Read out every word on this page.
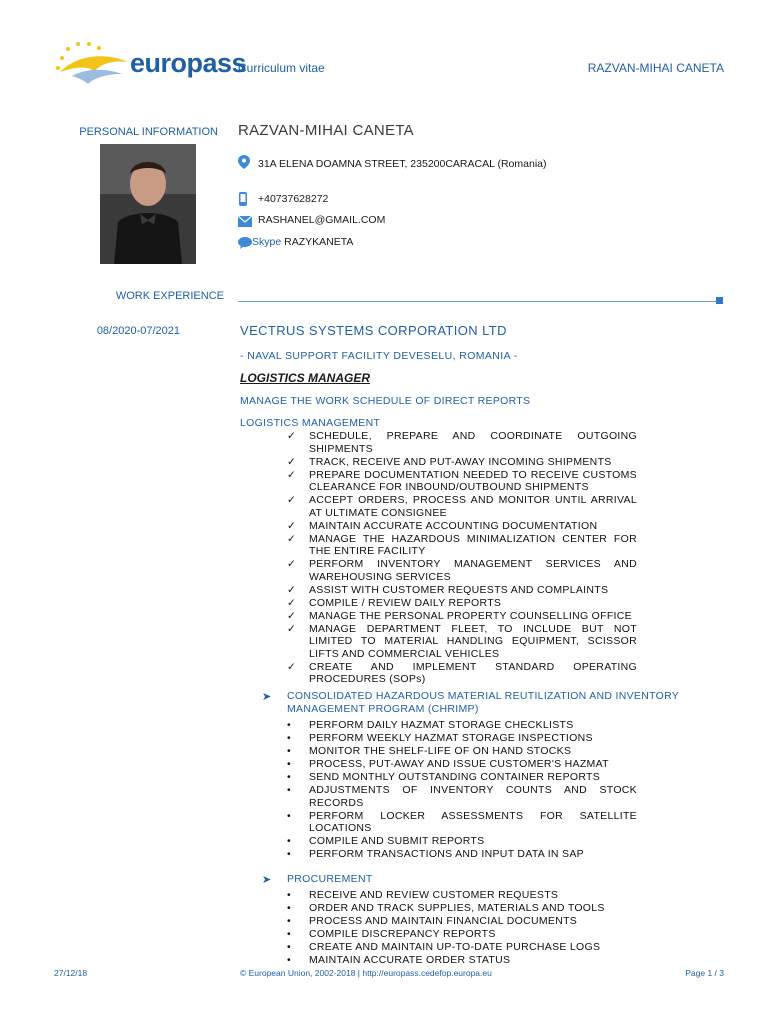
europass
Curriculum vitae	RAZVAN-MIHAI CANETA
PERSONAL INFORMATION RAZVAN-MIHAI CANETA
31A ELENA DOAMNA STREET, 235200CARACAL (Romania)
+40737628272
RASHANEL@GMAIL.COM
Skype RAZYKANETA
WORK EXPERIENCE
08/2020-07/2021	VECTRUS SYSTEMS CORPORATION LTD
- NAVAL SUPPORT FACILITY DEVESELU, ROMANIA -
LOGISTICS MANAGER
MANAGE THE WORK SCHEDULE OF DIRECT REPORTS
LOGISTICS MANAGEMENT
✓	SCHEDULE, PREPARE AND COORDINATE OUTGOING SHIPMENTS
✓	TRACK, RECEIVE AND PUT-AWAY INCOMING SHIPMENTS
✓	PREPARE DOCUMENTATION NEEDED TO RECEIVE CUSTOMS CLEARANCE FOR INBOUND/OUTBOUND SHIPMENTS
✓	ACCEPT ORDERS, PROCESS AND MONITOR UNTIL ARRIVAL AT ULTIMATE CONSIGNEE
✓	MAINTAIN ACCURATE ACCOUNTING DOCUMENTATION
✓	MANAGE THE HAZARDOUS MINIMALIZATION CENTER FOR THE ENTIRE FACILITY
✓	PERFORM INVENTORY MANAGEMENT SERVICES AND WAREHOUSING SERVICES
✓	ASSIST WITH CUSTOMER REQUESTS AND COMPLAINTS
✓	COMPILE / REVIEW DAILY REPORTS
✓	MANAGE THE PERSONAL PROPERTY COUNSELLING OFFICE
✓	MANAGE DEPARTMENT FLEET, TO INCLUDE BUT NOT LIMITED TO MATERIAL HANDLING EQUIPMENT, SCISSOR LIFTS AND COMMERCIAL VEHICLES
✓	CREATE AND IMPLEMENT STANDARD OPERATING PROCEDURES (SOPs)
➤ CONSOLIDATED HAZARDOUS MATERIAL REUTILIZATION AND INVENTORY MANAGEMENT PROGRAM (CHRIMP)
•	PERFORM DAILY HAZMAT STORAGE CHECKLISTS
•	PERFORM WEEKLY HAZMAT STORAGE INSPECTIONS
•	MONITOR THE SHELF-LIFE OF ON HAND STOCKS
•	PROCESS, PUT-AWAY AND ISSUE CUSTOMER'S HAZMAT
•	SEND MONTHLY OUTSTANDING CONTAINER REPORTS
•	ADJUSTMENTS OF INVENTORY COUNTS AND STOCK RECORDS
•	PERFORM LOCKER ASSESSMENTS FOR SATELLITE LOCATIONS
•	COMPILE AND SUBMIT REPORTS
•	PERFORM TRANSACTIONS AND INPUT DATA IN SAP
➤ PROCUREMENT
•	RECEIVE AND REVIEW CUSTOMER REQUESTS
•	ORDER AND TRACK SUPPLIES, MATERIALS AND TOOLS
•	PROCESS AND MAINTAIN FINANCIAL DOCUMENTS
•	COMPILE DISCREPANCY REPORTS
•	CREATE AND MAINTAIN UP-TO-DATE PURCHASE LOGS
•	MAINTAIN ACCURATE ORDER STATUS
27/12/18	© European Union, 2002-2018 | http://europass.cedefop.europa.eu	Page 1 / 3
